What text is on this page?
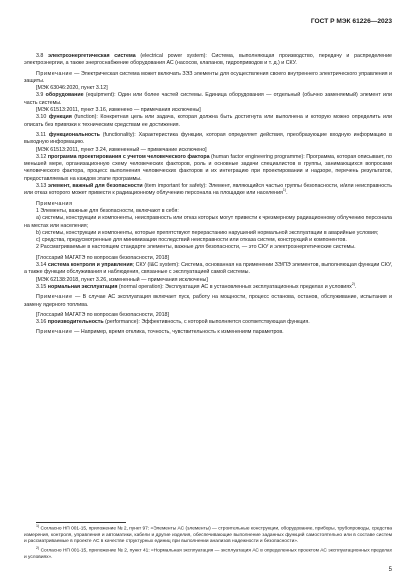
ГОСТ Р МЭК 61226—2023

3.8 электроэнергетическая система (electrical power system): Система, выполняющая производство, передачу и распределение электроэнергии, а также энергоснабжение оборудования АС (насосов, клапанов, гидроприводов и т. д.) и СКУ.

Примечание — Электрическая система может включать ЗЭЗ элементы для осуществления своего внутреннего электрического управления и защиты.

[МЭК 63046:2020, пункт 3.12]

3.9 оборудование (equipment): Один или более частей системы. Единица оборудования — отдельный (обычно заменяемый) элемент или часть системы.

[МЭК 61513:2011, пункт 3.16, изменено — примечания исключены]

3.10 функция (function): Конкретная цель или задача, которая должна быть достигнута или выполнена и которую можно определить или описать без привязки к техническим средствам ее достижения.

3.11 функциональность (functionality): Характеристика функции, которая определяет действия, преобразующие входную информацию в выходную информацию.

[МЭК 61513:2011, пункт 3.24, измененный — примечание исключено]

3.12 программа проектирования с учетом человеческого фактора (human factor engineering programme): Программа, которая описывает, по меньшей мере, организационную схему человеческих факторов, роль и основные задачи специалистов в группы, занимающихся вопросами человеческого фактора, процесс выполнения человеческих факторов и их интеграцию при проектировании и надзоре, перечень результатов, предоставляемых на каждом этапе программы.

3.13 элемент, важный для безопасности (item important for safety): Элемент, являющийся частью группы безопасности, и/или неисправность или отказ которого может привести к радиационному облучению персонала на площадке или населения$^{1)}$.

Примечания

1 Элементы, важные для безопасности, включают в себя:

а) системы, конструкции и компоненты, неисправность или отказ которых могут привести к чрезмерному радиационному облучению персонала на местах или населения;

b) системы, конструкции и компоненты, которые препятствуют перерастанию нарушений нормальной эксплуатации в аварийные условия;

c) средства, предусмотренные для минимизации последствий неисправности или отказа систем, конструкций и компонентов.

2 Рассматриваемые в настоящем стандарте элементы, важные для безопасности, — это СКУ и электроэнергетические системы.

[Глоссарий МАГАТЭ по вопросам безопасности, 2018]

3.14 система контроля и управления; СКУ (I&C system): Система, основанная на применении ЗЭ/ПЭ элементов, выполняющая функции СКУ, а также функции обслуживания и наблюдения, связанные с эксплуатацией самой системы.

[МЭК 62138:2018, пункт 3.26, измененный — примечания исключены]

3.15 нормальная эксплуатация (normal operation): Эксплуатация АС в установленных эксплуатационных пределах и условиях$^{2)}$.

Примечание — В случае АС эксплуатация включает пуск, работу на мощности, процесс останова, останов, обслуживание, испытания и замену ядерного топлива.

[Глоссарий МАГАТЭ по вопросам безопасности, 2018]

3.16 производительность (performance): Эффективность, с которой выполняется соответствующая функция.

Примечание — Например, время отклика, точность, чувствительность к изменениям параметров.

$^{1)}$ Согласно НП 001-15, приложение № 2, пункт 97: «Элементы АС (элементы) — строительные конструкции, оборудование, приборы, трубопроводы, средства измерения, контроля, управления и автоматики, кабели и другие изделия, обеспечивающие выполнение заданных функций самостоятельно или в составе систем и рассматриваемые в проекте АС в качестве структурных единиц при выполнении анализов надежности и безопасности».

$^{2)}$ Согласно НП 001-15, приложение № 2, пункт 41: «Нормальная эксплуатация — эксплуатация АС в определенных проектом АС эксплуатационных пределах и условиях».

5
